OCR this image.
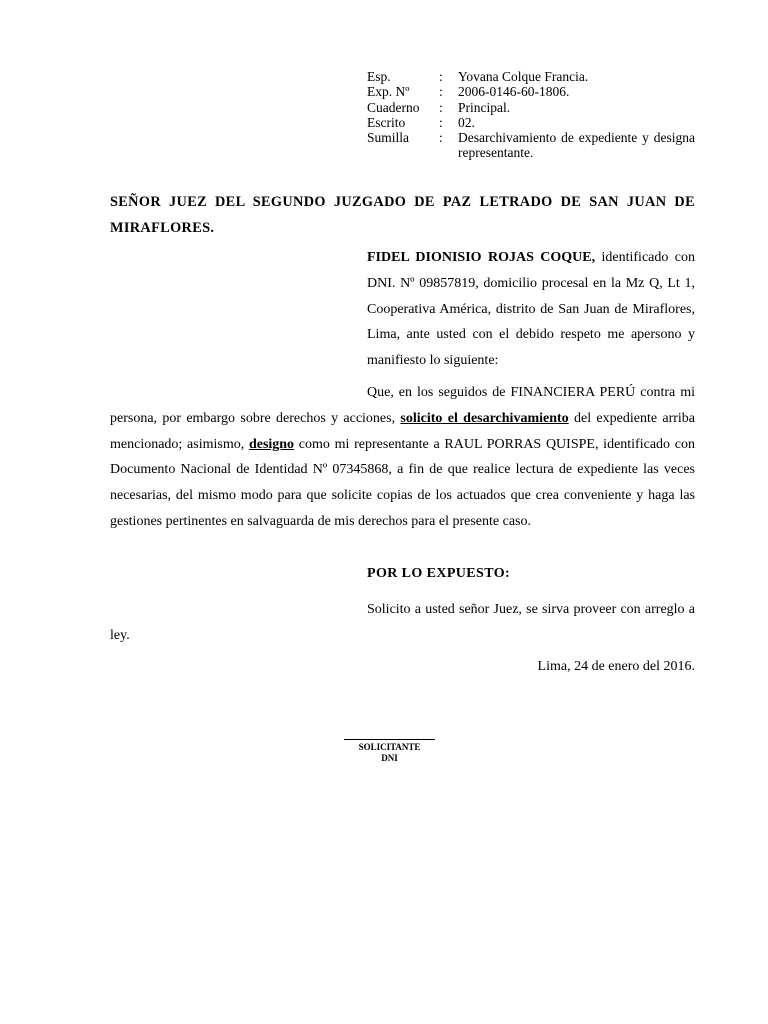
Esp.	:	Yovana Colque Francia.
Exp. Nº	:	2006-0146-60-1806.
Cuaderno	:	Principal.
Escrito	:	02.
Sumilla	:	Desarchivamiento de expediente y designa representante.
SEÑOR JUEZ DEL SEGUNDO JUZGADO DE PAZ LETRADO DE SAN JUAN DE MIRAFLORES.
FIDEL DIONISIO ROJAS COQUE, identificado con DNI. Nº 09857819, domicilio procesal en la Mz Q, Lt 1, Cooperativa América, distrito de San Juan de Miraflores, Lima, ante usted con el debido respeto me apersono y manifiesto lo siguiente:
Que, en los seguidos de FINANCIERA PERÚ contra mi persona, por embargo sobre derechos y acciones, solicito el desarchivamiento del expediente arriba mencionado; asimismo, designo como mi representante a RAUL PORRAS QUISPE, identificado con Documento Nacional de Identidad Nº 07345868, a fin de que realice lectura de expediente las veces necesarias, del mismo modo para que solicite copias de los actuados que crea conveniente y haga las gestiones pertinentes en salvaguarda de mis derechos para el presente caso.
POR LO EXPUESTO:
Solicito a usted señor Juez, se sirva proveer con arreglo a ley.
Lima, 24 de enero del 2016.
SOLICITANTE
DNI
